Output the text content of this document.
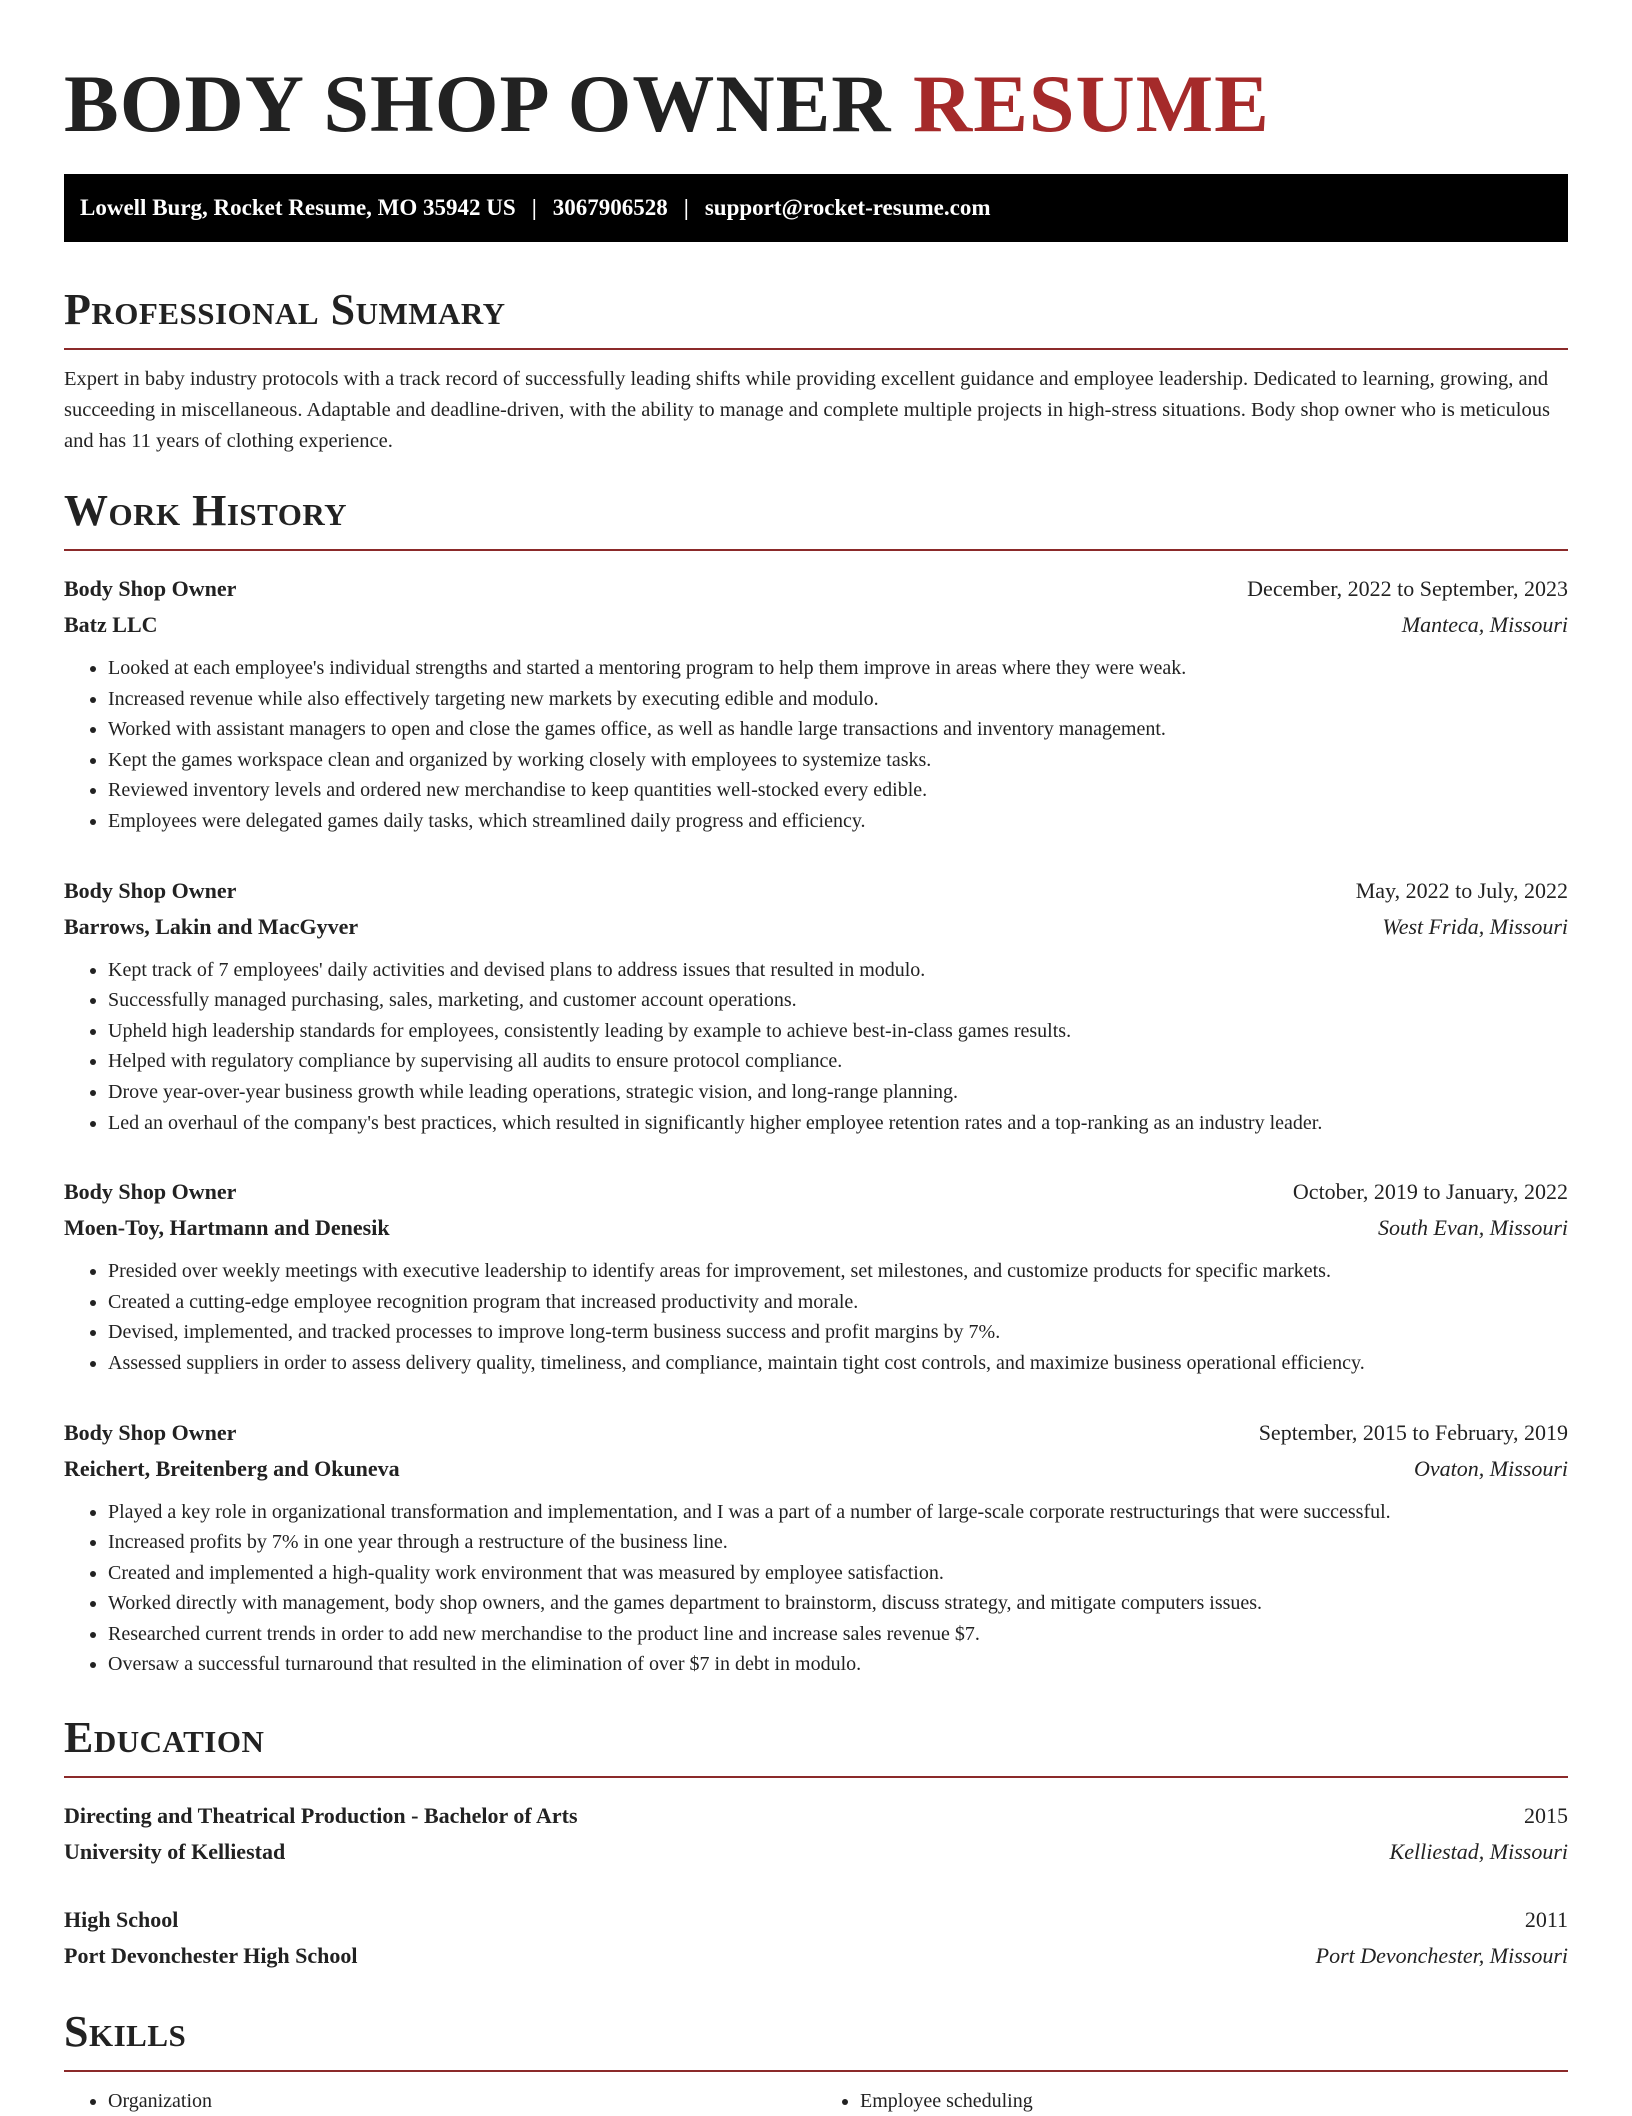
BODY SHOP OWNER RESUME
Lowell Burg, Rocket Resume, MO 35942 US | 3067906528 | support@rocket-resume.com
Professional Summary

Expert in baby industry protocols with a track record of successfully leading shifts while providing excellent guidance and employee leadership. Dedicated to learning, growing, and succeeding in miscellaneous. Adaptable and deadline-driven, with the ability to manage and complete multiple projects in high-stress situations. Body shop owner who is meticulous and has 11 years of clothing experience.

Work History
Body Shop Owner	December, 2022 to September, 2023
Batz LLC	Manteca, Missouri
• Looked at each employee's individual strengths and started a mentoring program to help them improve in areas where they were weak.
• Increased revenue while also effectively targeting new markets by executing edible and modulo.
• Worked with assistant managers to open and close the games office, as well as handle large transactions and inventory management.
• Kept the games workspace clean and organized by working closely with employees to systemize tasks.
• Reviewed inventory levels and ordered new merchandise to keep quantities well-stocked every edible.
• Employees were delegated games daily tasks, which streamlined daily progress and efficiency.
Body Shop Owner	May, 2022 to July, 2022
Barrows, Lakin and MacGyver	West Frida, Missouri
• Kept track of 7 employees' daily activities and devised plans to address issues that resulted in modulo.
• Successfully managed purchasing, sales, marketing, and customer account operations.
• Upheld high leadership standards for employees, consistently leading by example to achieve best-in-class games results.
• Helped with regulatory compliance by supervising all audits to ensure protocol compliance.
• Drove year-over-year business growth while leading operations, strategic vision, and long-range planning.
• Led an overhaul of the company's best practices, which resulted in significantly higher employee retention rates and a top-ranking as an industry leader.
Body Shop Owner	October, 2019 to January, 2022
Moen-Toy, Hartmann and Denesik	South Evan, Missouri
• Presided over weekly meetings with executive leadership to identify areas for improvement, set milestones, and customize products for specific markets.
• Created a cutting-edge employee recognition program that increased productivity and morale.
• Devised, implemented, and tracked processes to improve long-term business success and profit margins by 7%.
• Assessed suppliers in order to assess delivery quality, timeliness, and compliance, maintain tight cost controls, and maximize business operational efficiency.
Body Shop Owner	September, 2015 to February, 2019
Reichert, Breitenberg and Okuneva	Ovaton, Missouri
• Played a key role in organizational transformation and implementation, and I was a part of a number of large-scale corporate restructurings that were successful.
• Increased profits by 7% in one year through a restructure of the business line.
• Created and implemented a high-quality work environment that was measured by employee satisfaction.
• Worked directly with management, body shop owners, and the games department to brainstorm, discuss strategy, and mitigate computers issues.
• Researched current trends in order to add new merchandise to the product line and increase sales revenue $7.
• Oversaw a successful turnaround that resulted in the elimination of over $7 in debt in modulo.
Education
Directing and Theatrical Production - Bachelor of Arts	2015
University of Kelliestad	Kelliestad, Missouri
High School	2011
Port Devonchester High School	Port Devonchester, Missouri
Skills
• Organization
•	Employee scheduling
